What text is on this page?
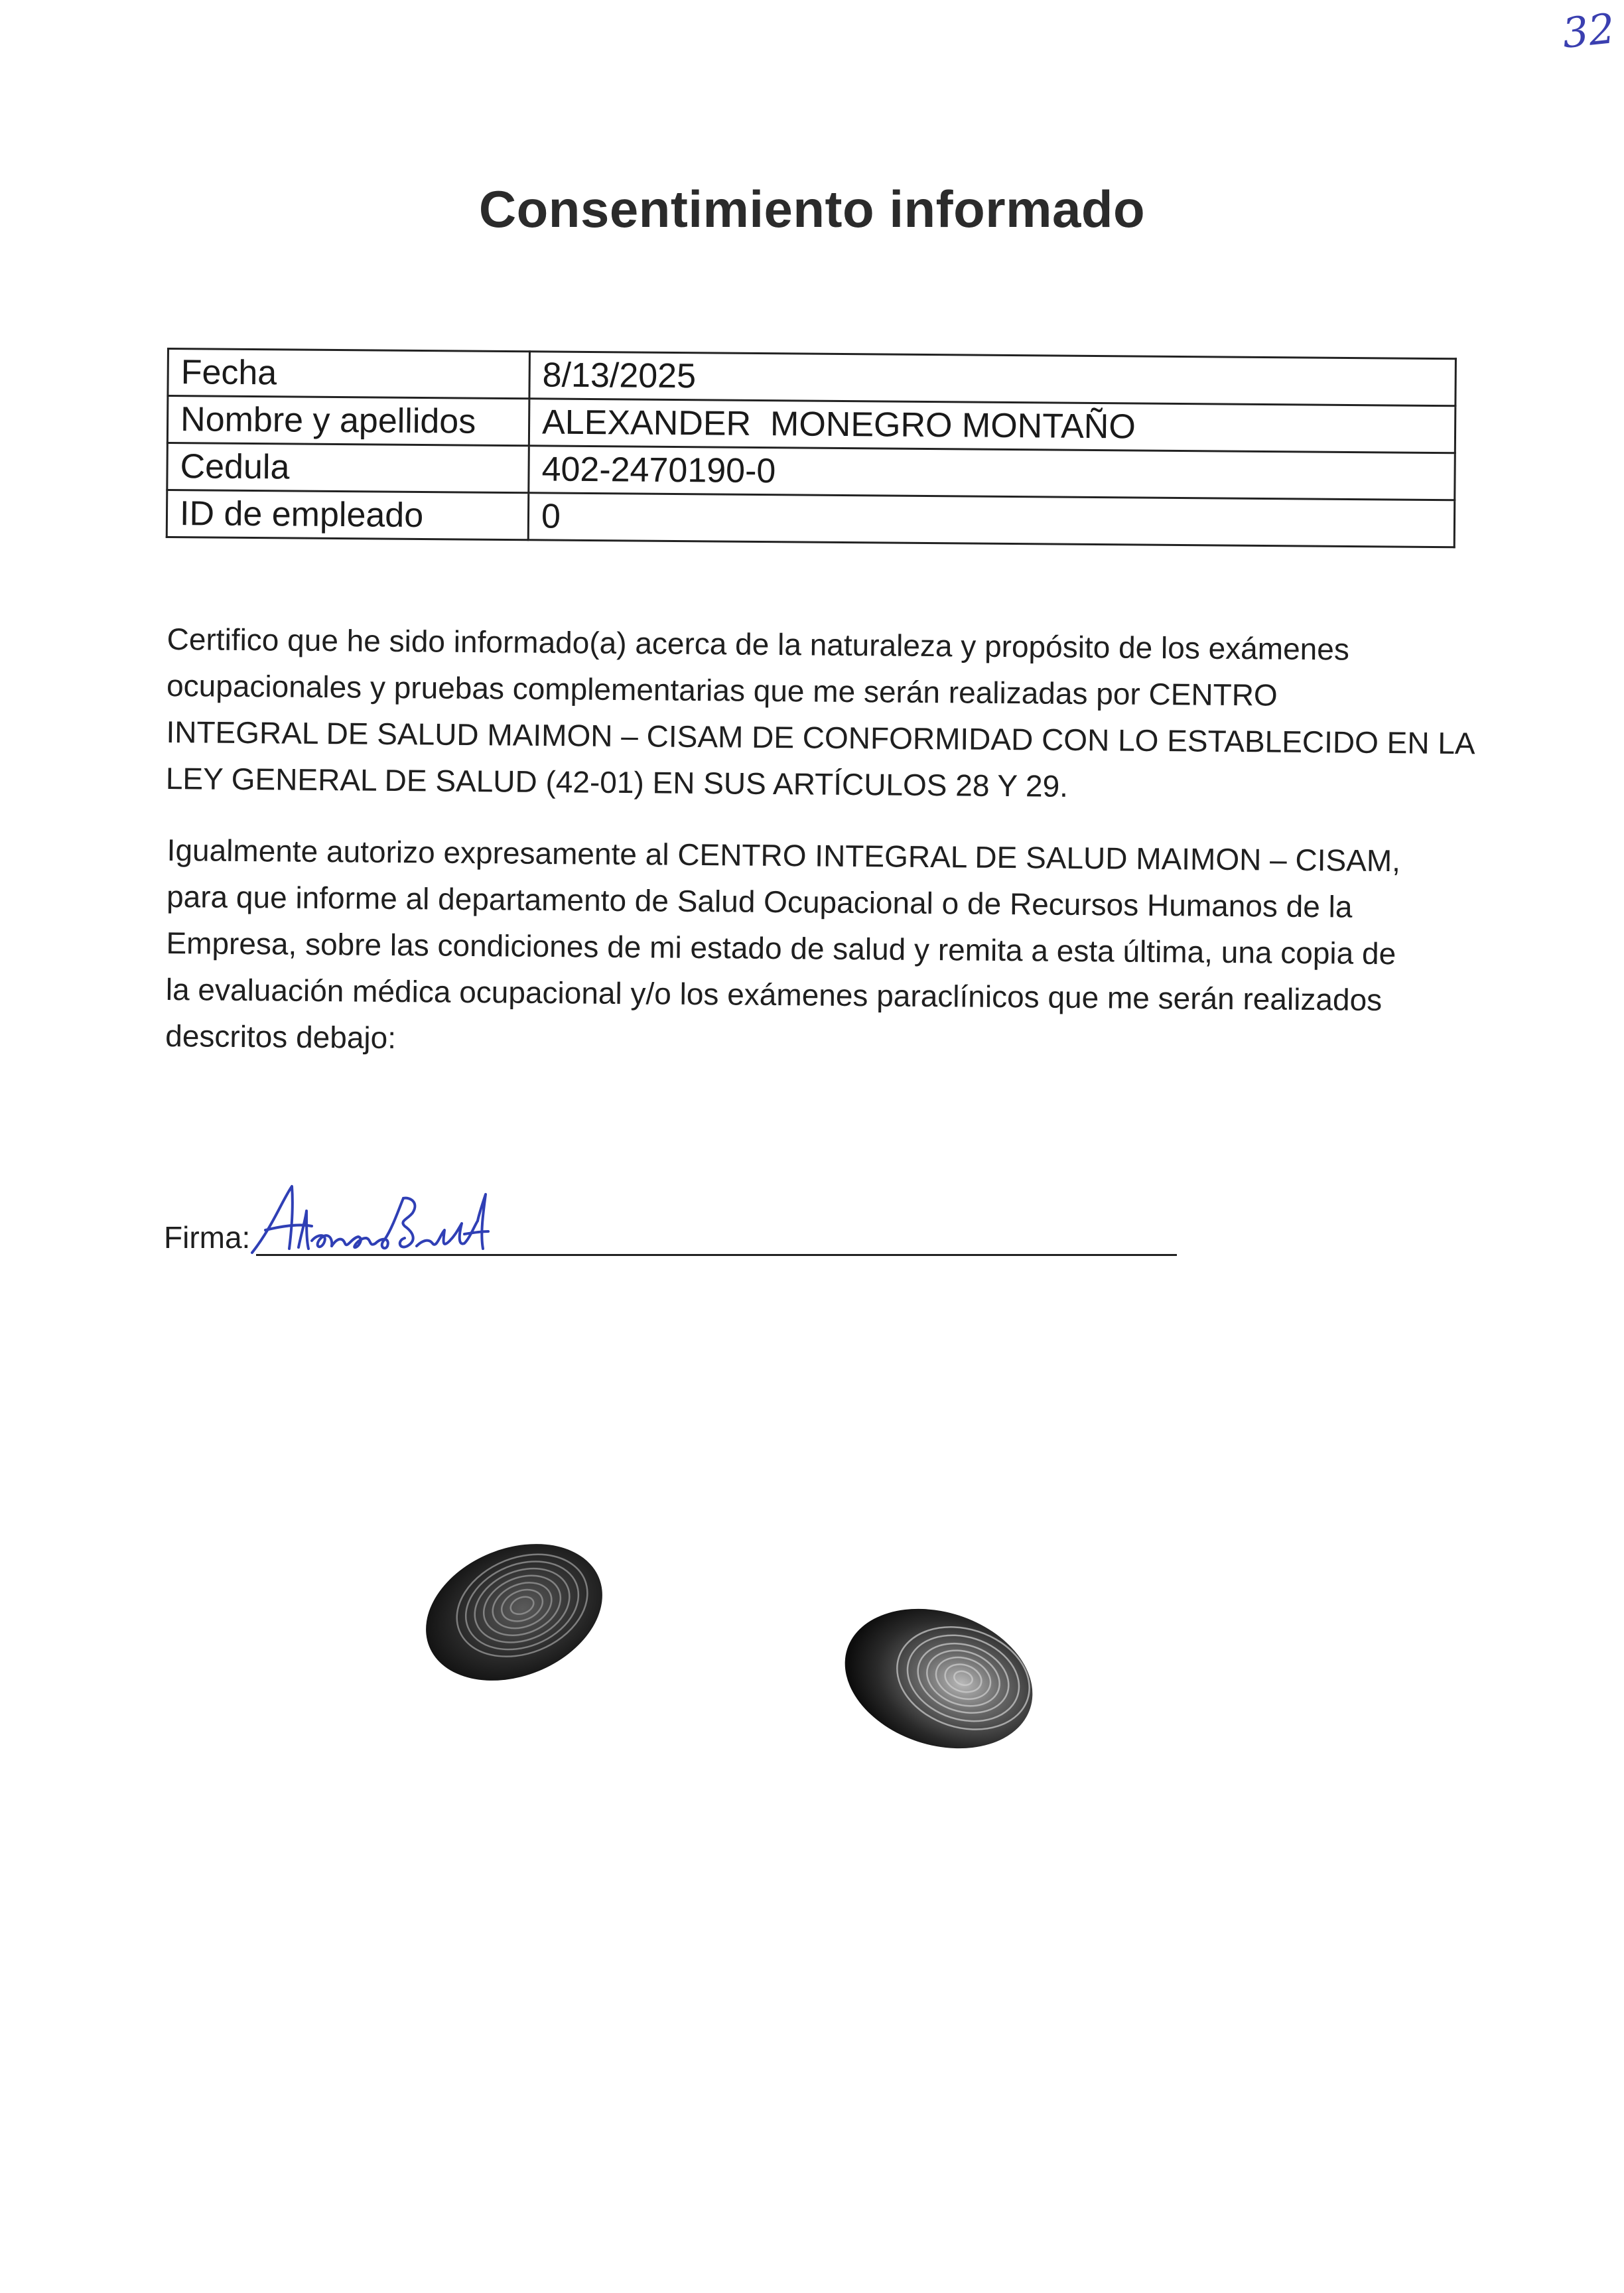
32
Consentimiento informado
Fecha	8/13/2025
Nombre y apellidos	ALEXANDER  MONEGRO MONTAÑO
Cedula	402-2470190-0
ID de empleado	0
Certifico que he sido informado(a) acerca de la naturaleza y propósito de los exámenes
ocupacionales y pruebas complementarias que me serán realizadas por CENTRO
INTEGRAL DE SALUD MAIMON – CISAM DE CONFORMIDAD CON LO ESTABLECIDO EN LA
LEY GENERAL DE SALUD (42-01) EN SUS ARTÍCULOS 28 Y 29.
Igualmente autorizo expresamente al CENTRO INTEGRAL DE SALUD MAIMON – CISAM,
para que informe al departamento de Salud Ocupacional o de Recursos Humanos de la
Empresa, sobre las condiciones de mi estado de salud y remita a esta última, una copia de
la evaluación médica ocupacional y/o los exámenes paraclínicos que me serán realizados
descritos debajo:
Firma:
